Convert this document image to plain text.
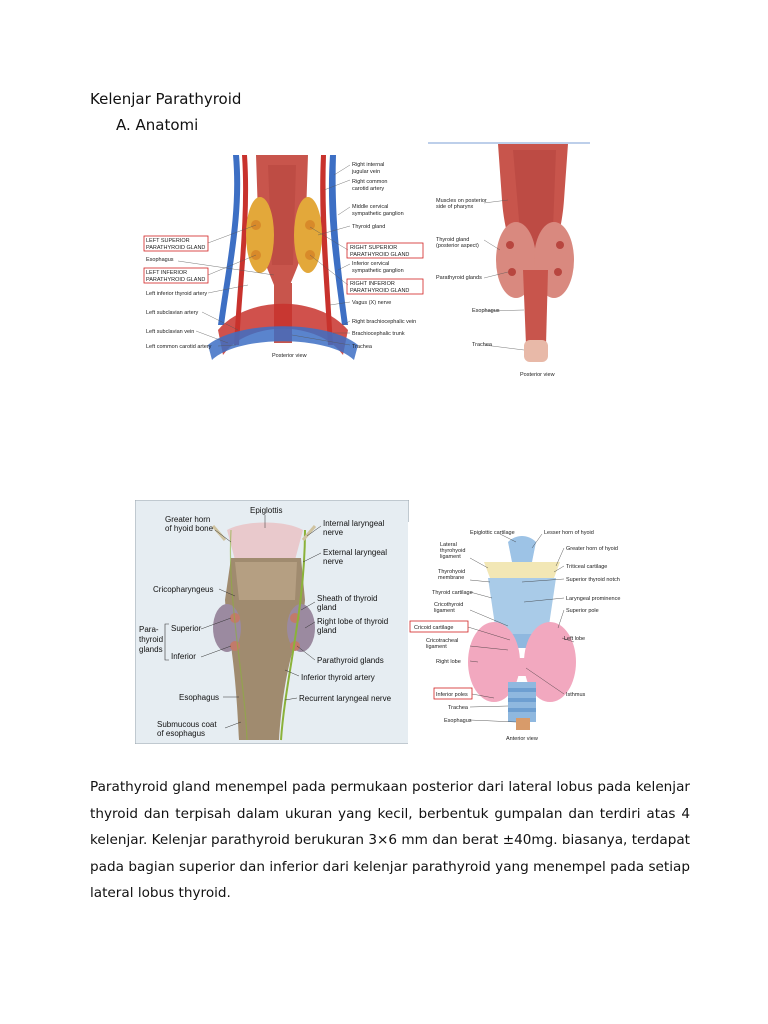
Kelenjar Parathyroid
A. Anatomi
LEFT SUPERIOR
PARATHYROID GLAND
Esophagus
LEFT INFERIOR
PARATHYROID GLAND
Left inferior thyroid artery
Left subclavian artery
Left subclavian vein
Left common carotid artery
Right internal
jugular vein
Right common
carotid artery
Middle cervical
sympathetic ganglion
Thyroid gland
RIGHT SUPERIOR
PARATHYROID GLAND
Inferior cervical
sympathetic ganglion
RIGHT INFERIOR
PARATHYROID GLAND
Vagus (X) nerve
Right brachiocephalic vein
Brachiocephalic trunk
Trachea
Posterior view
Muscles on posterior
side of pharynx
Thyroid gland
(posterior aspect)
Parathyroid glands
Esophagus
Trachea
Posterior view
Greater horn
of hyoid bone
Epiglottis
Internal laryngeal
nerve
External laryngeal
nerve
Cricopharyngeus
Sheath of thyroid
gland
Right lobe of thyroid
gland
Para-
thyroid
glands
Superior
Inferior	Parathyroid glands
Inferior thyroid artery
Esophagus	Recurrent laryngeal nerve
Submucous coat
of esophagus
Epiglottic cartilage	Lesser horn of hyoid
Lateral
thyrohyoid
ligament
Greater horn of hyoid
Triticeal cartilage
Thyrohyoid
membrane	Superior thyroid notch
Thyroid cartilage
Laryngeal prominence
Cricothyroid
ligament	Superior pole
Cricoid cartilage
Left lobe
Cricotracheal
ligament
Right lobe
Inferior poles	Isthmus
Trachea
Esophagus
Anterior view
Parathyroid gland menempel pada permukaan posterior dari lateral lobus pada kelenjar thyroid dan terpisah dalam ukuran yang kecil, berbentuk gumpalan dan terdiri atas 4 kelenjar. Kelenjar parathyroid berukuran 3×6 mm dan berat ±40mg. biasanya, terdapat pada bagian superior dan inferior dari kelenjar parathyroid yang menempel pada setiap lateral lobus thyroid.
